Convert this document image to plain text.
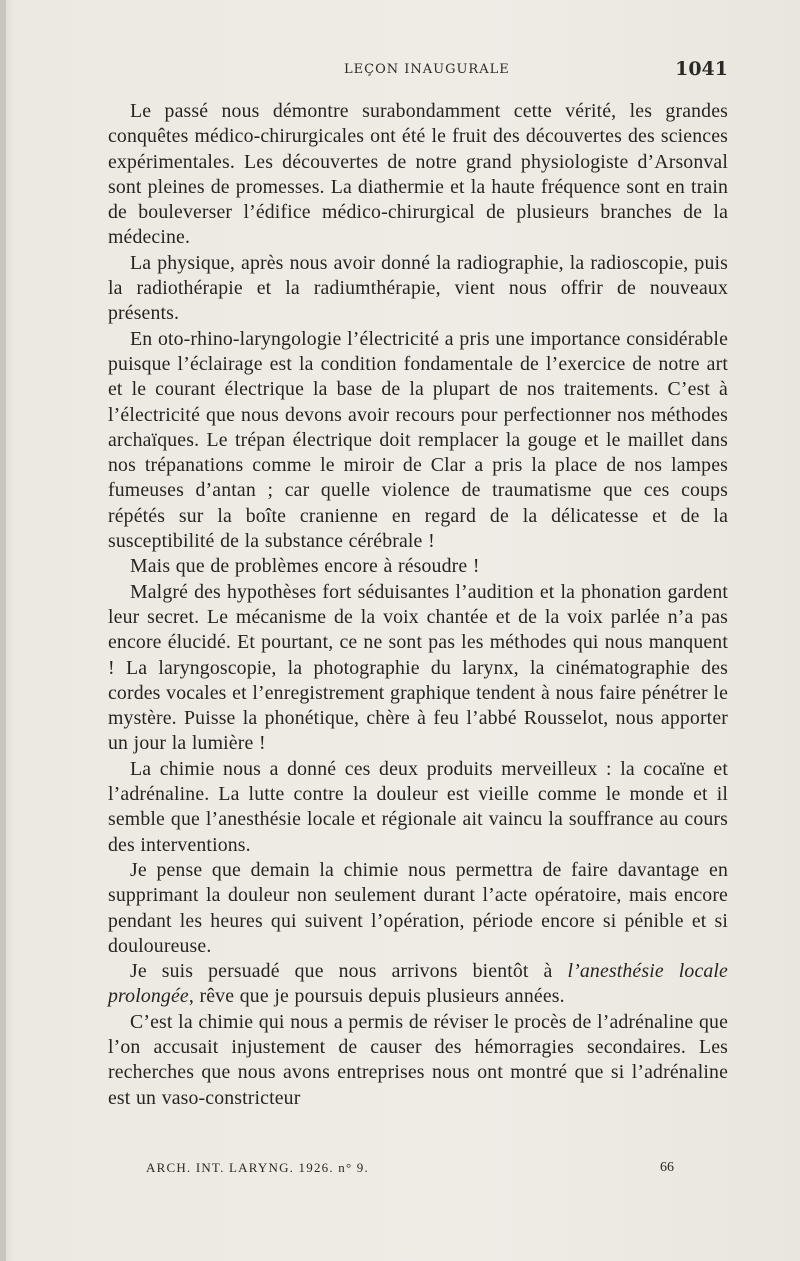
LEÇON INAUGURALE	1041

Le passé nous démontre surabondamment cette vérité, les grandes conquêtes médico-chirurgicales ont été le fruit des découvertes des sciences expérimentales. Les découvertes de notre grand physiologiste d’Arsonval sont pleines de promesses. La diathermie et la haute fréquence sont en train de bouleverser l’édifice médico-chirurgical de plusieurs branches de la médecine.

La physique, après nous avoir donné la radiographie, la radioscopie, puis la radiothérapie et la radiumthérapie, vient nous offrir de nouveaux présents.

En oto-rhino-laryngologie l’électricité a pris une importance considérable puisque l’éclairage est la condition fondamentale de l’exercice de notre art et le courant électrique la base de la plupart de nos traitements. C’est à l’électricité que nous devons avoir recours pour perfectionner nos méthodes archaïques. Le trépan électrique doit remplacer la gouge et le maillet dans nos trépanations comme le miroir de Clar a pris la place de nos lampes fumeuses d’antan ; car quelle violence de traumatisme que ces coups répétés sur la boîte cranienne en regard de la délicatesse et de la susceptibilité de la substance cérébrale !

Mais que de problèmes encore à résoudre !

Malgré des hypothèses fort séduisantes l’audition et la phonation gardent leur secret. Le mécanisme de la voix chantée et de la voix parlée n’a pas encore élucidé. Et pourtant, ce ne sont pas les méthodes qui nous manquent ! La laryngoscopie, la photographie du larynx, la cinématographie des cordes vocales et l’enregistrement graphique tendent à nous faire pénétrer le mystère. Puisse la phonétique, chère à feu l’abbé Rousselot, nous apporter un jour la lumière !

La chimie nous a donné ces deux produits merveilleux : la cocaïne et l’adrénaline. La lutte contre la douleur est vieille comme le monde et il semble que l’anesthésie locale et régionale ait vaincu la souffrance au cours des interventions.

Je pense que demain la chimie nous permettra de faire davantage en supprimant la douleur non seulement durant l’acte opératoire, mais encore pendant les heures qui suivent l’opération, période encore si pénible et si douloureuse.

Je suis persuadé que nous arrivons bientôt à l’anesthésie locale prolongée, rêve que je poursuis depuis plusieurs années.

C’est la chimie qui nous a permis de réviser le procès de l’adrénaline que l’on accusait injustement de causer des hémorragies secondaires. Les recherches que nous avons entreprises nous ont montré que si l’adrénaline est un vaso-constricteur

ARCH. INT. LARYNG. 1926. n° 9.	66
